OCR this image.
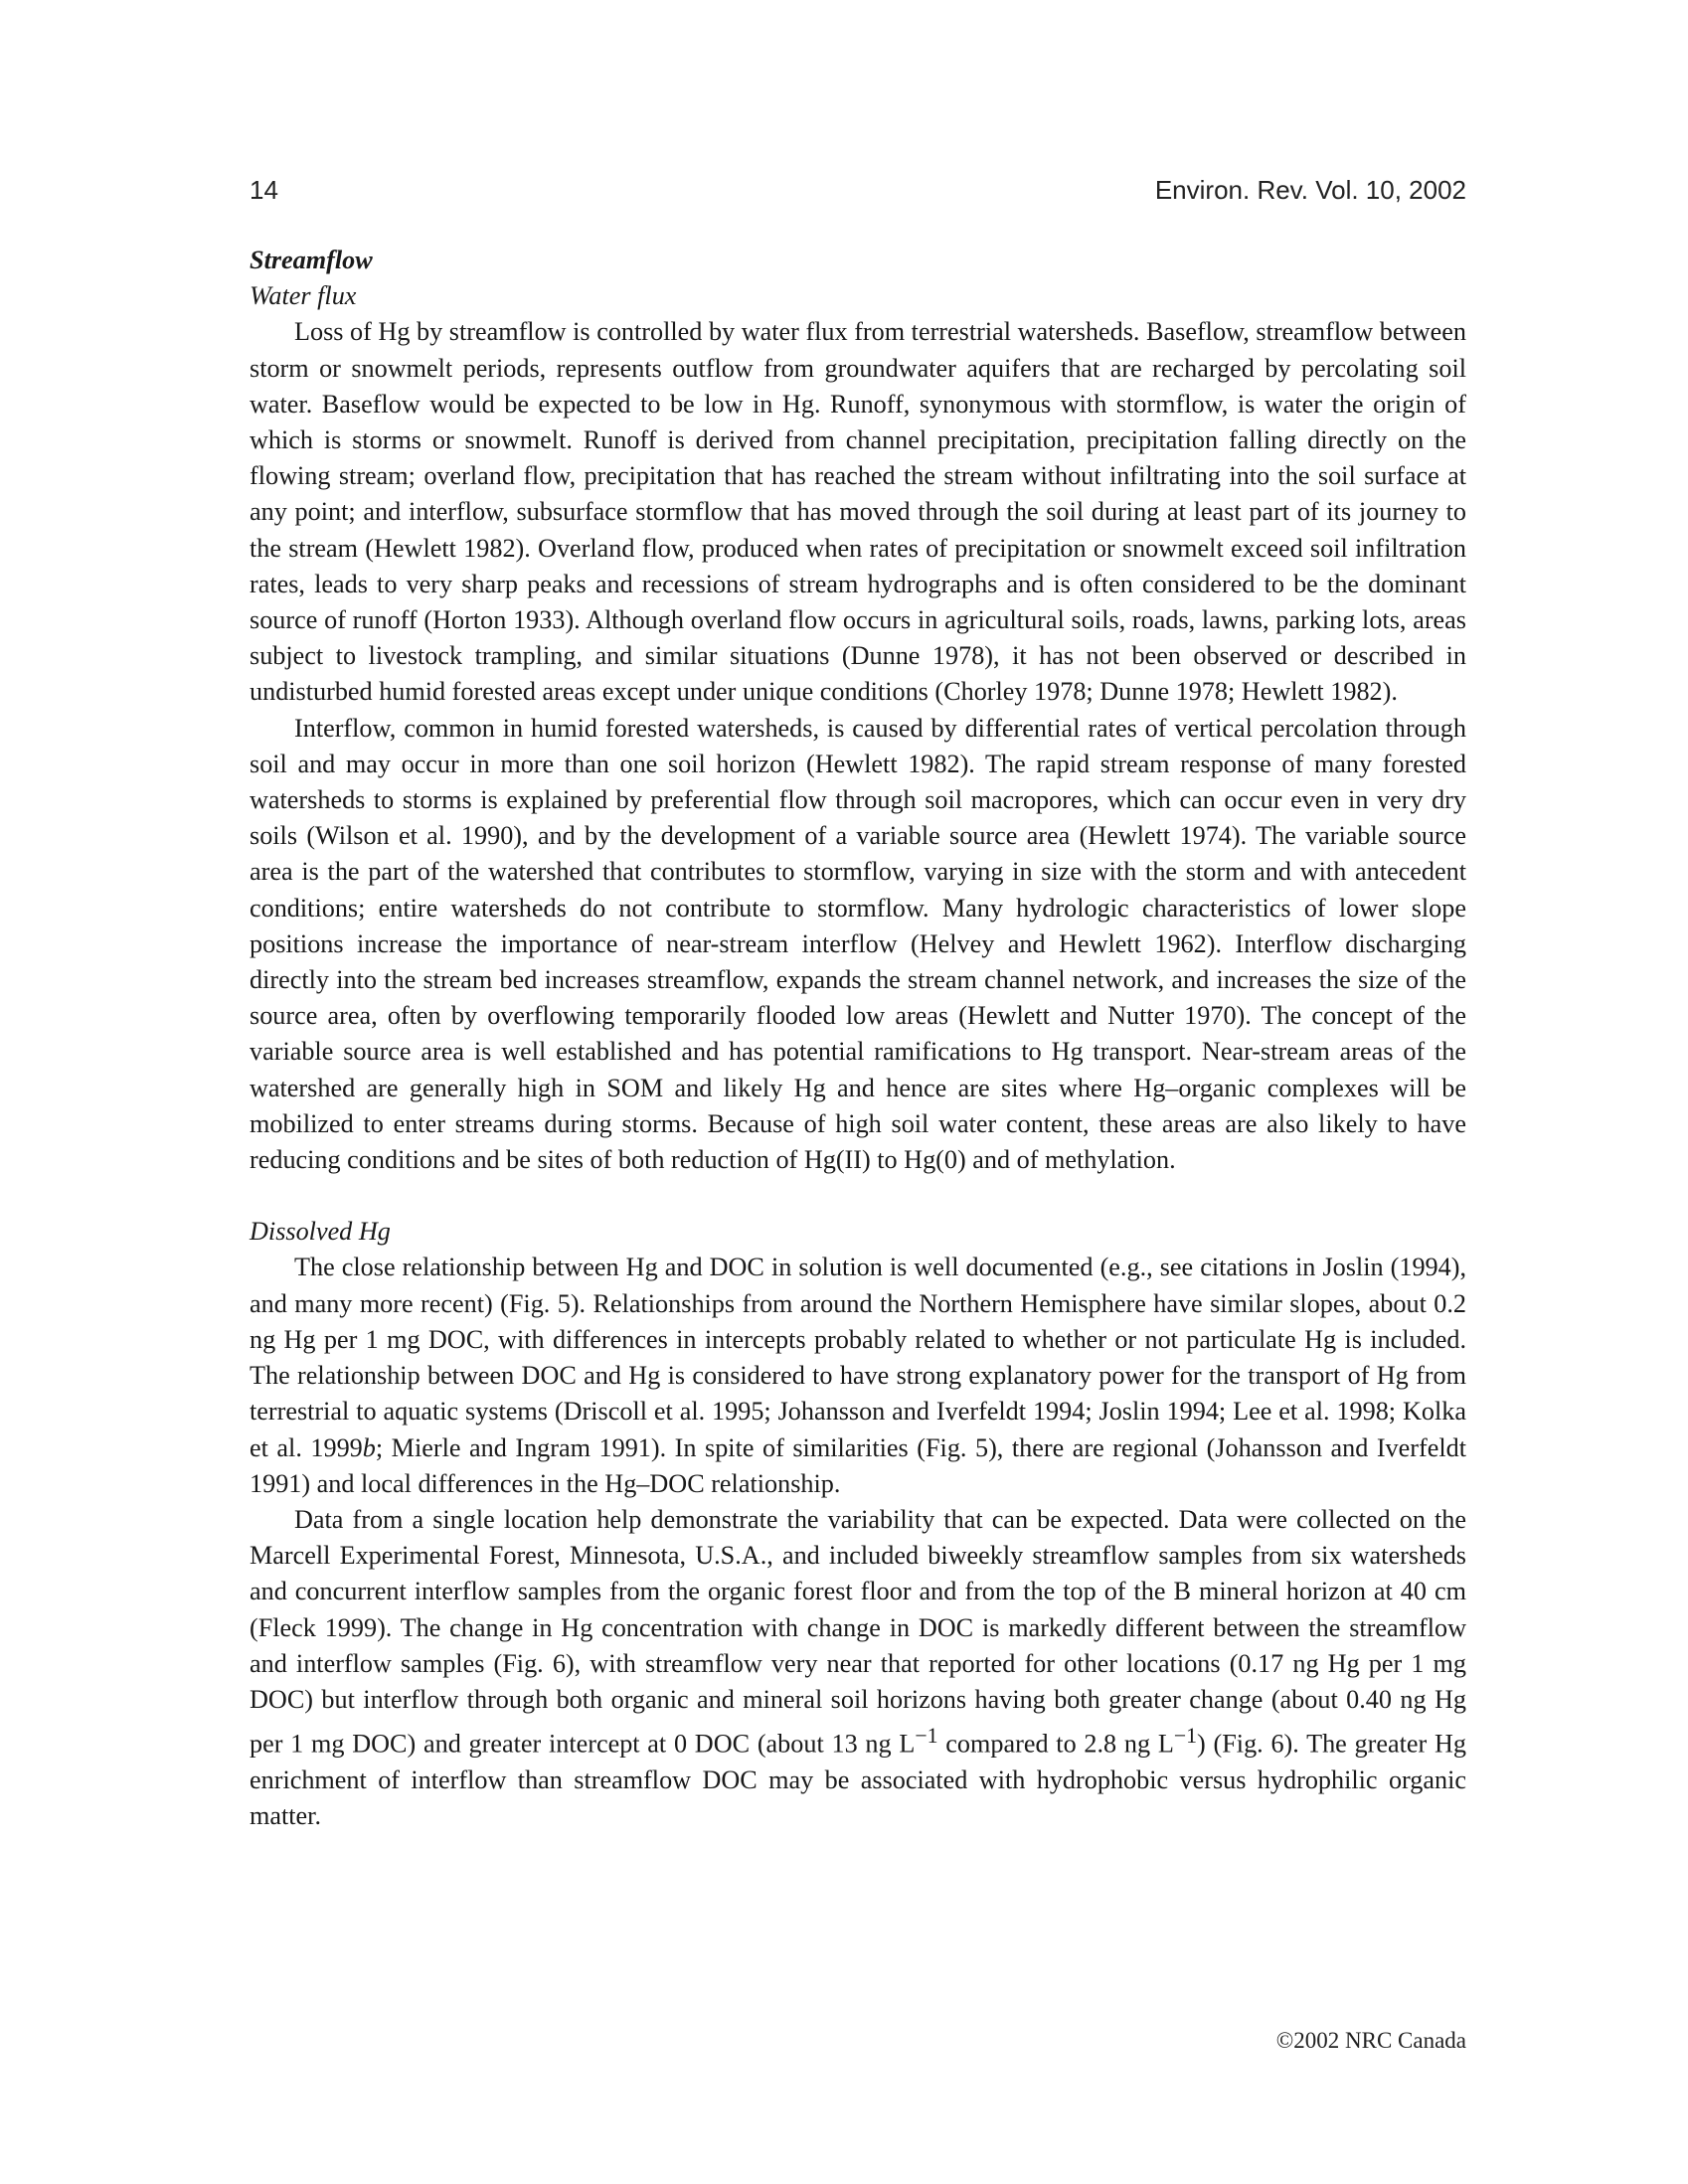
14	Environ. Rev. Vol. 10, 2002

Streamflow

Water flux

Loss of Hg by streamflow is controlled by water flux from terrestrial watersheds. Baseflow, streamflow between storm or snowmelt periods, represents outflow from groundwater aquifers that are recharged by percolating soil water. Baseflow would be expected to be low in Hg. Runoff, synonymous with stormflow, is water the origin of which is storms or snowmelt. Runoff is derived from channel precipitation, precipitation falling directly on the flowing stream; overland flow, precipitation that has reached the stream without infiltrating into the soil surface at any point; and interflow, subsurface stormflow that has moved through the soil during at least part of its journey to the stream (Hewlett 1982). Overland flow, produced when rates of precipitation or snowmelt exceed soil infiltration rates, leads to very sharp peaks and recessions of stream hydrographs and is often considered to be the dominant source of runoff (Horton 1933). Although overland flow occurs in agricultural soils, roads, lawns, parking lots, areas subject to livestock trampling, and similar situations (Dunne 1978), it has not been observed or described in undisturbed humid forested areas except under unique conditions (Chorley 1978; Dunne 1978; Hewlett 1982).

Interflow, common in humid forested watersheds, is caused by differential rates of vertical percolation through soil and may occur in more than one soil horizon (Hewlett 1982). The rapid stream response of many forested watersheds to storms is explained by preferential flow through soil macropores, which can occur even in very dry soils (Wilson et al. 1990), and by the development of a variable source area (Hewlett 1974). The variable source area is the part of the watershed that contributes to stormflow, varying in size with the storm and with antecedent conditions; entire watersheds do not contribute to stormflow. Many hydrologic characteristics of lower slope positions increase the importance of near-stream interflow (Helvey and Hewlett 1962). Interflow discharging directly into the stream bed increases streamflow, expands the stream channel network, and increases the size of the source area, often by overflowing temporarily flooded low areas (Hewlett and Nutter 1970). The concept of the variable source area is well established and has potential ramifications to Hg transport. Near-stream areas of the watershed are generally high in SOM and likely Hg and hence are sites where Hg–organic complexes will be mobilized to enter streams during storms. Because of high soil water content, these areas are also likely to have reducing conditions and be sites of both reduction of Hg(II) to Hg(0) and of methylation.

Dissolved Hg

The close relationship between Hg and DOC in solution is well documented (e.g., see citations in Joslin (1994), and many more recent) (Fig. 5). Relationships from around the Northern Hemisphere have similar slopes, about 0.2 ng Hg per 1 mg DOC, with differences in intercepts probably related to whether or not particulate Hg is included. The relationship between DOC and Hg is considered to have strong explanatory power for the transport of Hg from terrestrial to aquatic systems (Driscoll et al. 1995; Johansson and Iverfeldt 1994; Joslin 1994; Lee et al. 1998; Kolka et al. 1999b; Mierle and Ingram 1991). In spite of similarities (Fig. 5), there are regional (Johansson and Iverfeldt 1991) and local differences in the Hg–DOC relationship.

Data from a single location help demonstrate the variability that can be expected. Data were collected on the Marcell Experimental Forest, Minnesota, U.S.A., and included biweekly streamflow samples from six watersheds and concurrent interflow samples from the organic forest floor and from the top of the B mineral horizon at 40 cm (Fleck 1999). The change in Hg concentration with change in DOC is markedly different between the streamflow and interflow samples (Fig. 6), with streamflow very near that reported for other locations (0.17 ng Hg per 1 mg DOC) but interflow through both organic and mineral soil horizons having both greater change (about 0.40 ng Hg per 1 mg DOC) and greater intercept at 0 DOC (about 13 ng $L^{-1}$ compared to 2.8 ng $L^{-1}$) (Fig. 6). The greater Hg enrichment of interflow than streamflow DOC may be associated with hydrophobic versus hydrophilic organic matter.

©2002 NRC Canada
